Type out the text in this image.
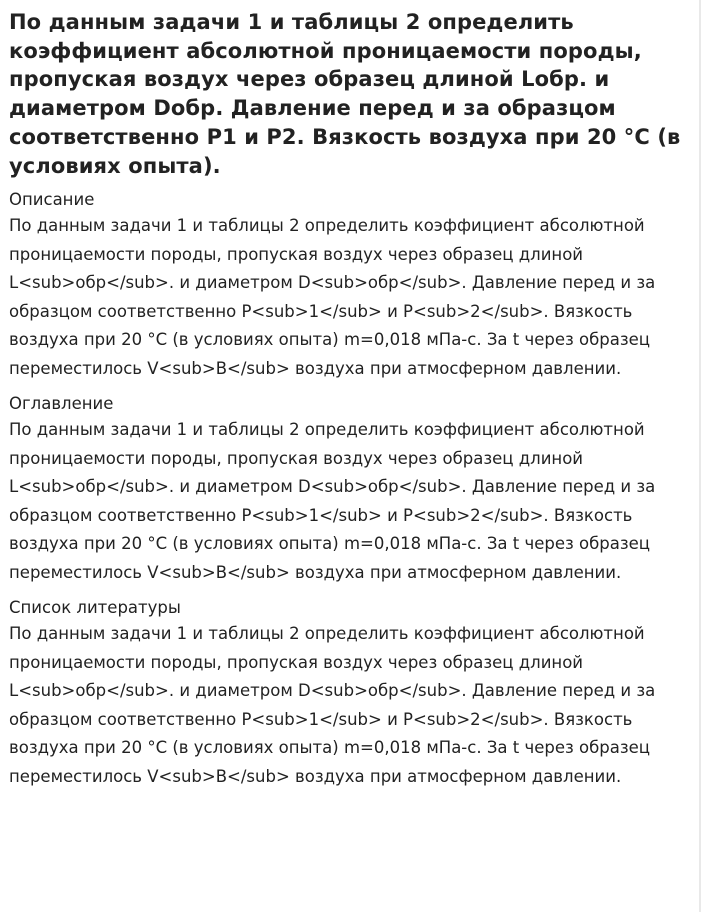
По данным задачи 1 и таблицы 2 определить коэффициент абсолютной проницаемости породы, пропуская воздух через образец длиной Lобр. и диаметром Dобр. Давление перед и за образцом соответственно P1 и P2. Вязкость воздуха при 20 °С (в условиях опыта).
Описание

По данным задачи 1 и таблицы 2 определить коэффициент абсолютной проницаемости породы, пропуская воздух через образец длиной L<sub>обр</sub>. и диаметром D<sub>обр</sub>. Давление перед и за образцом соответственно P<sub>1</sub> и P<sub>2</sub>. Вязкость воздуха при 20 °С (в условиях опыта) m=0,018 мПа-с. За t через образец переместилось V<sub>В</sub> воздуха при атмосферном давлении.

Оглавление

По данным задачи 1 и таблицы 2 определить коэффициент абсолютной проницаемости породы, пропуская воздух через образец длиной L<sub>обр</sub>. и диаметром D<sub>обр</sub>. Давление перед и за образцом соответственно P<sub>1</sub> и P<sub>2</sub>. Вязкость воздуха при 20 °С (в условиях опыта) m=0,018 мПа-с. За t через образец переместилось V<sub>В</sub> воздуха при атмосферном давлении.

Список литературы

По данным задачи 1 и таблицы 2 определить коэффициент абсолютной проницаемости породы, пропуская воздух через образец длиной L<sub>обр</sub>. и диаметром D<sub>обр</sub>. Давление перед и за образцом соответственно P<sub>1</sub> и P<sub>2</sub>. Вязкость воздуха при 20 °С (в условиях опыта) m=0,018 мПа-с. За t через образец переместилось V<sub>В</sub> воздуха при атмосферном давлении.
